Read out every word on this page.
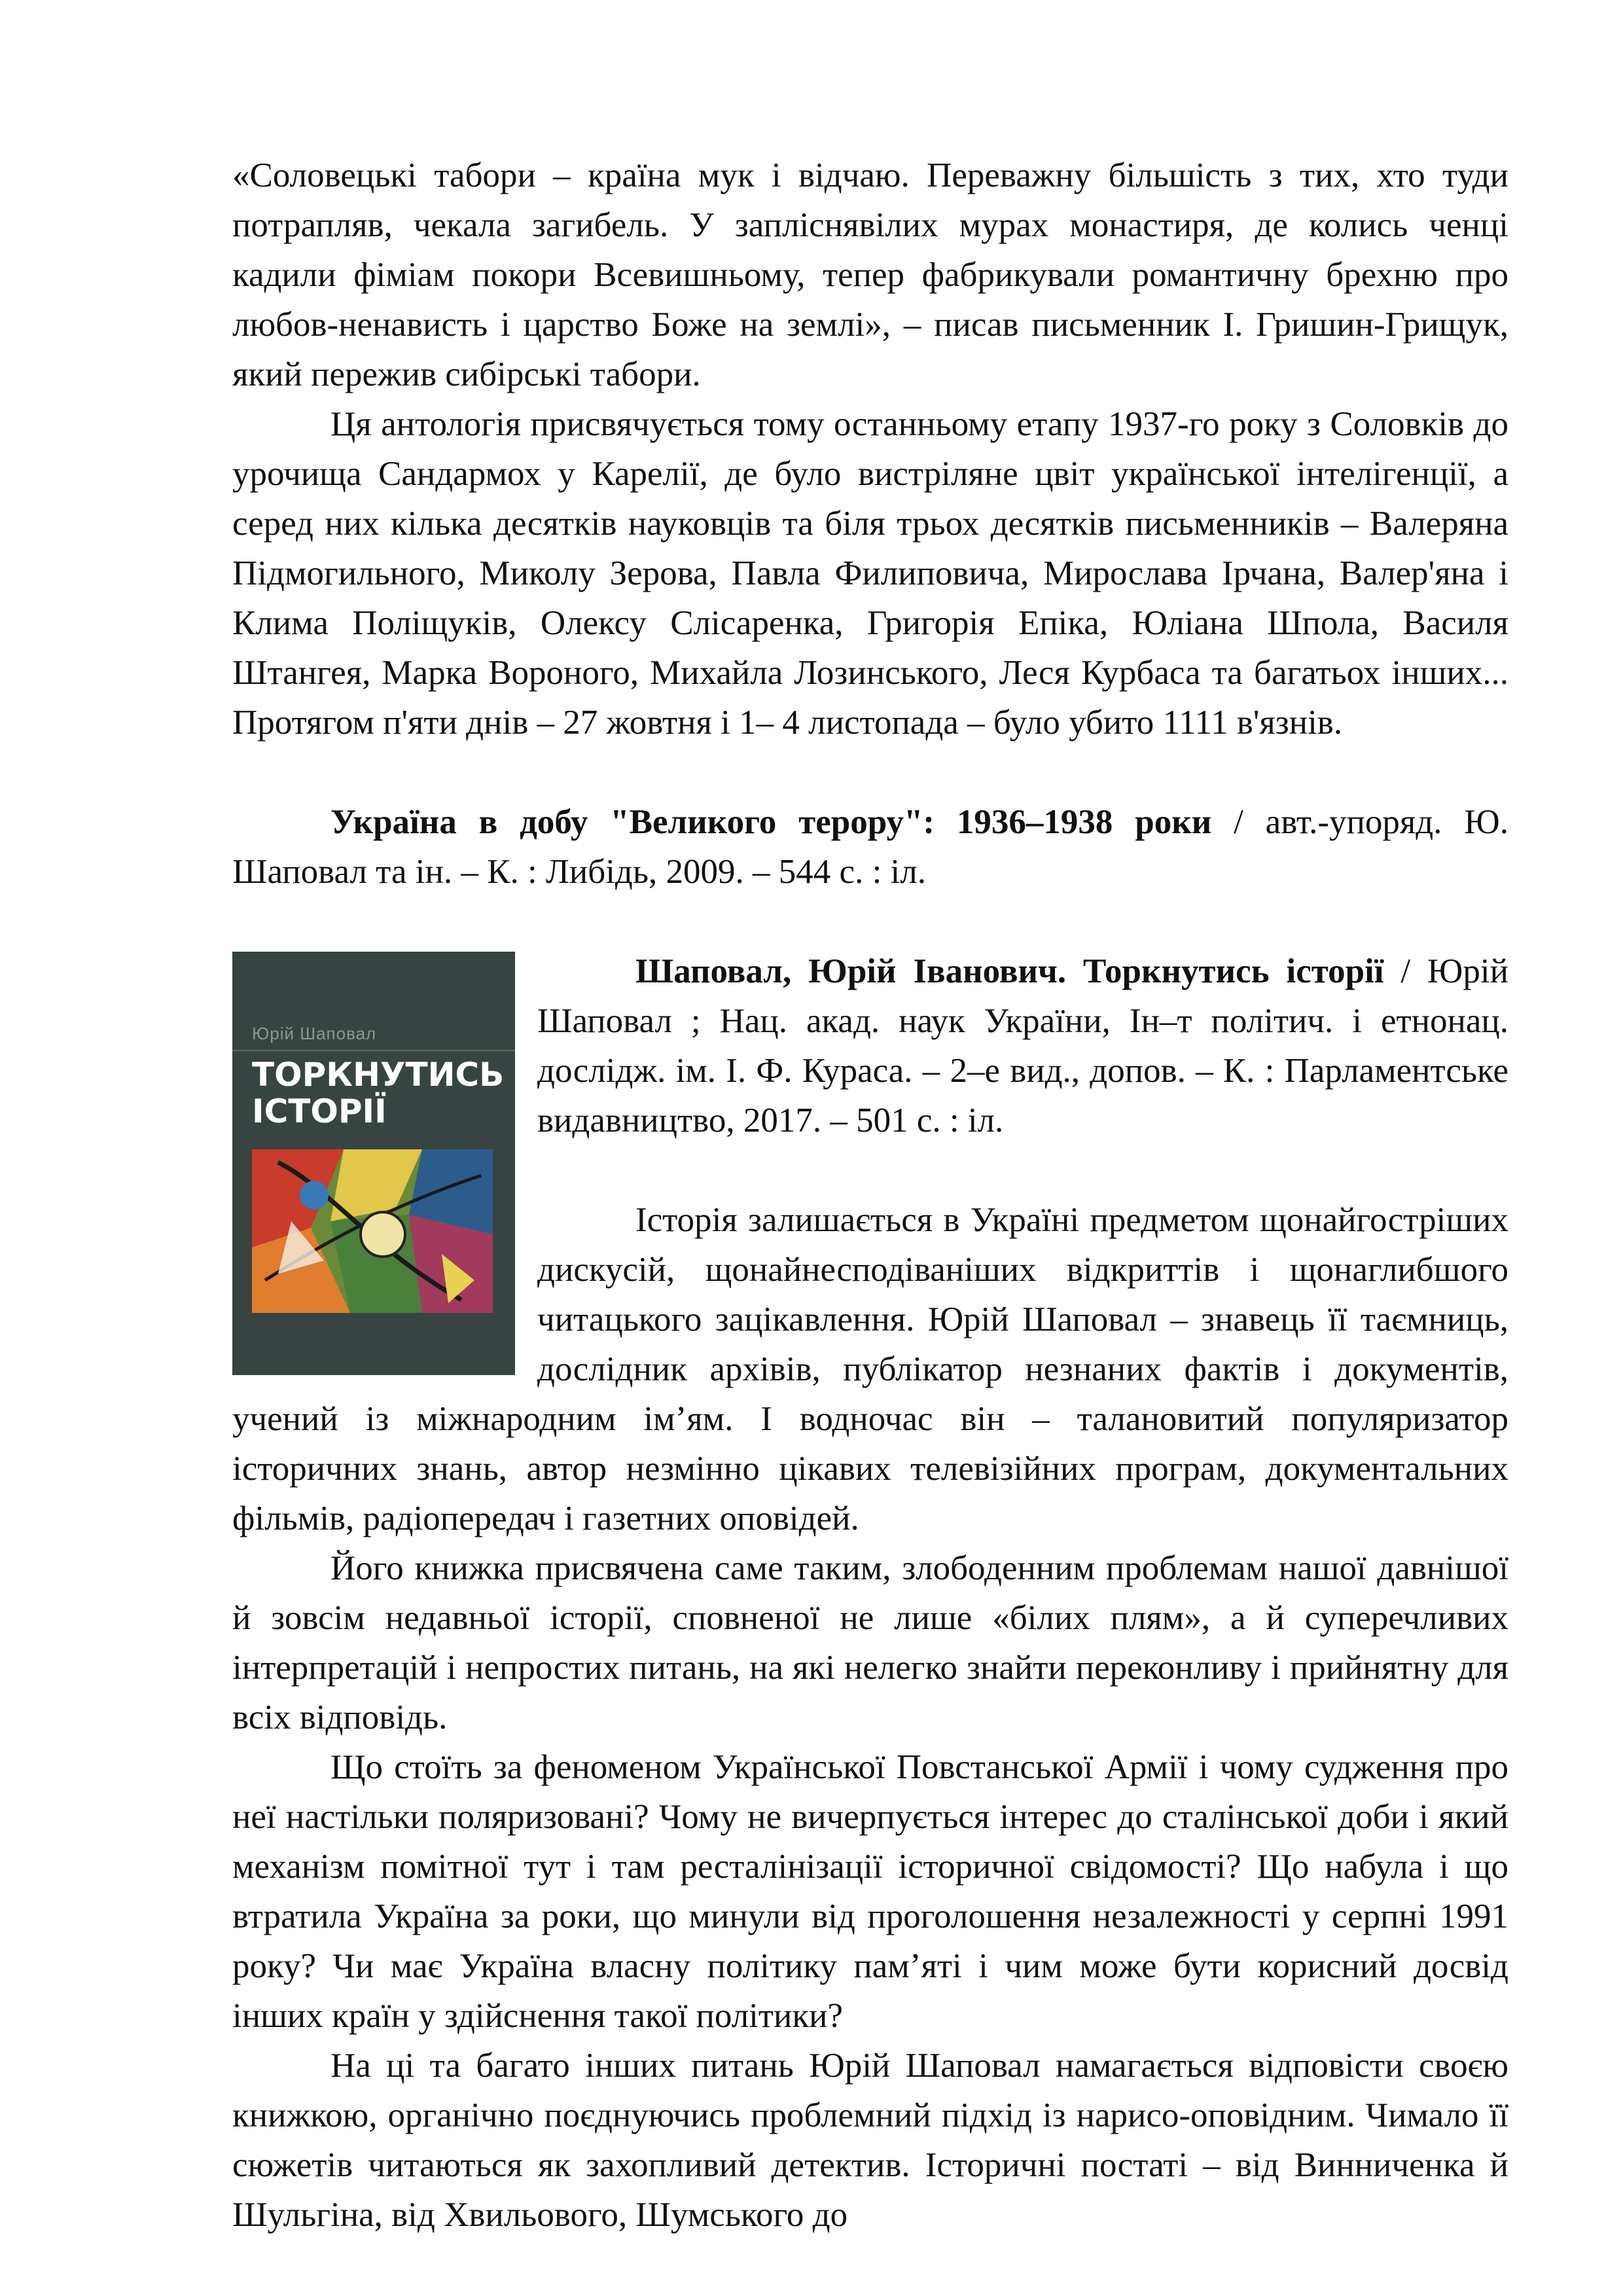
«Соловецькі табори – країна мук і відчаю. Переважну більшість з тих, хто туди потрапляв, чекала загибель. У запліснявілих мурах монастиря, де колись ченці кадили фіміам покори Всевишньому, тепер фабрикували романтичну брехню про любов-ненависть і царство Боже на землі», – писав письменник І. Гришин-Грищук, який пережив сибірські табори.

Ця антологія присвячується тому останньому етапу 1937-го року з Соловків до урочища Сандармох у Карелії, де було вистріляне цвіт української інтелігенції, а серед них кілька десятків науковців та біля трьох десятків письменників – Валеряна Підмогильного, Миколу Зерова, Павла Филиповича, Мирослава Ірчана, Валер'яна і Клима Поліщуків, Олексу Слісаренка, Григорія Епіка, Юліана Шпола, Василя Штангея, Марка Вороного, Михайла Лозинського, Леся Курбаса та багатьох інших... Протягом п'яти днів – 27 жовтня і 1– 4 листопада – було убито 1111 в'язнів.

Україна в добу "Великого терору": 1936–1938 роки / авт.-упоряд. Ю. Шаповал та ін. – К. : Либідь, 2009. – 544 с. : іл.

Юрій Шаповал
ТОРКНУТИСЬ ІСТОРІЇ

Шаповал, Юрій Іванович. Торкнутись історії / Юрій Шаповал ; Нац. акад. наук України, Ін–т політич. і етнонац. дослідж. ім. І. Ф. Кураса. – 2–е вид., допов. – К. : Парламентське видавництво, 2017. – 501 с. : іл.

Історія залишається в Україні предметом щонайгостріших дискусій, щонайнесподіваніших відкриттів і щонаглибшого читацького зацікавлення. Юрій Шаповал – знавець її таємниць, дослідник архівів, публікатор незнаних фактів і документів, учений із міжнародним ім’ям. І водночас він – талановитий популяризатор історичних знань, автор незмінно цікавих телевізійних програм, документальних фільмів, радіопередач і газетних оповідей.

Його книжка присвячена саме таким, злободенним проблемам нашої давнішої й зовсім недавньої історії, сповненої не лише «білих плям», а й суперечливих інтерпретацій і непростих питань, на які нелегко знайти переконливу і прийнятну для всіх відповідь.

Що стоїть за феноменом Української Повстанської Армії і чому судження про неї настільки поляризовані? Чому не вичерпується інтерес до сталінської доби і який механізм помітної тут і там ресталінізації історичної свідомості? Що набула і що втратила Україна за роки, що минули від проголошення незалежності у серпні 1991 року? Чи має Україна власну політику пам’яті і чим може бути корисний досвід інших країн у здійснення такої політики?

На ці та багато інших питань Юрій Шаповал намагається відповісти своєю книжкою, органічно поєднуючись проблемний підхід із нарисо-оповідним. Чимало її сюжетів читаються як захопливий детектив. Історичні постаті – від Винниченка й Шульгіна, від Хвильового, Шумського до
